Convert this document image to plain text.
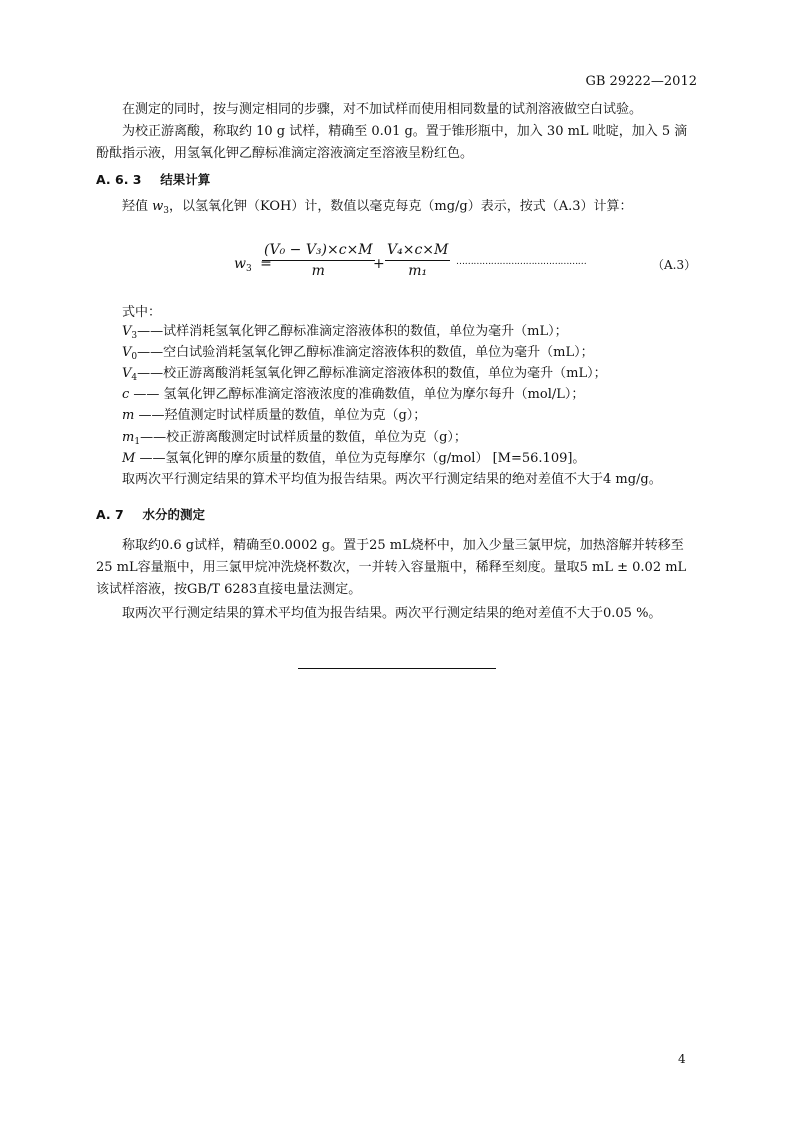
GB 29222—2012
在测定的同时，按与测定相同的步骤，对不加试样而使用相同数量的试剂溶液做空白试验。
为校正游离酸，称取约 10 g 试样，精确至 0.01 g。置于锥形瓶中，加入 30 mL 吡啶，加入 5 滴
酚酞指示液，用氢氧化钾乙醇标准滴定溶液滴定至溶液呈粉红色。
A. 6. 3 结果计算
羟值 $w_3$，以氢氧化钾（KOH）计，数值以毫克每克（mg/g）表示，按式（A.3）计算：
$w_3$ =
$\frac{\text{(V₀ − V₃)×c×M}}{m}$
+ $\frac{\text{V₄×c×M}}{\text{m₁}}$ ………………………………………	（A.3）
式中：
$V_3——$试样消耗氢氧化钾乙醇标准滴定溶液体积的数值，单位为毫升（mL）；
$V_0——$空白试验消耗氢氧化钾乙醇标准滴定溶液体积的数值，单位为毫升（mL）；
$V_4——$校正游离酸消耗氢氧化钾乙醇标准滴定溶液体积的数值，单位为毫升（mL）；
c —— 氢氧化钾乙醇标准滴定溶液浓度的准确数值，单位为摩尔每升（mol/L）；
m ——羟值测定时试样质量的数值，单位为克（g）；
$m_1——$校正游离酸测定时试样质量的数值，单位为克（g）；
M ——氢氧化钾的摩尔质量的数值，单位为克每摩尔（g/mol） [M=56.109]。
取两次平行测定结果的算术平均值为报告结果。两次平行测定结果的绝对差值不大于4 mg/g。
A. 7 水分的测定
称取约0.6 g试样，精确至0.0002 g。置于25 mL烧杯中，加入少量三氯甲烷，加热溶解并转移至
25 mL容量瓶中，用三氯甲烷冲洗烧杯数次，一并转入容量瓶中，稀释至刻度。量取5 mL ± 0.02 mL
该试样溶液，按GB/T 6283直接电量法测定。
取两次平行测定结果的算术平均值为报告结果。两次平行测定结果的绝对差值不大于0.05 %。
4
